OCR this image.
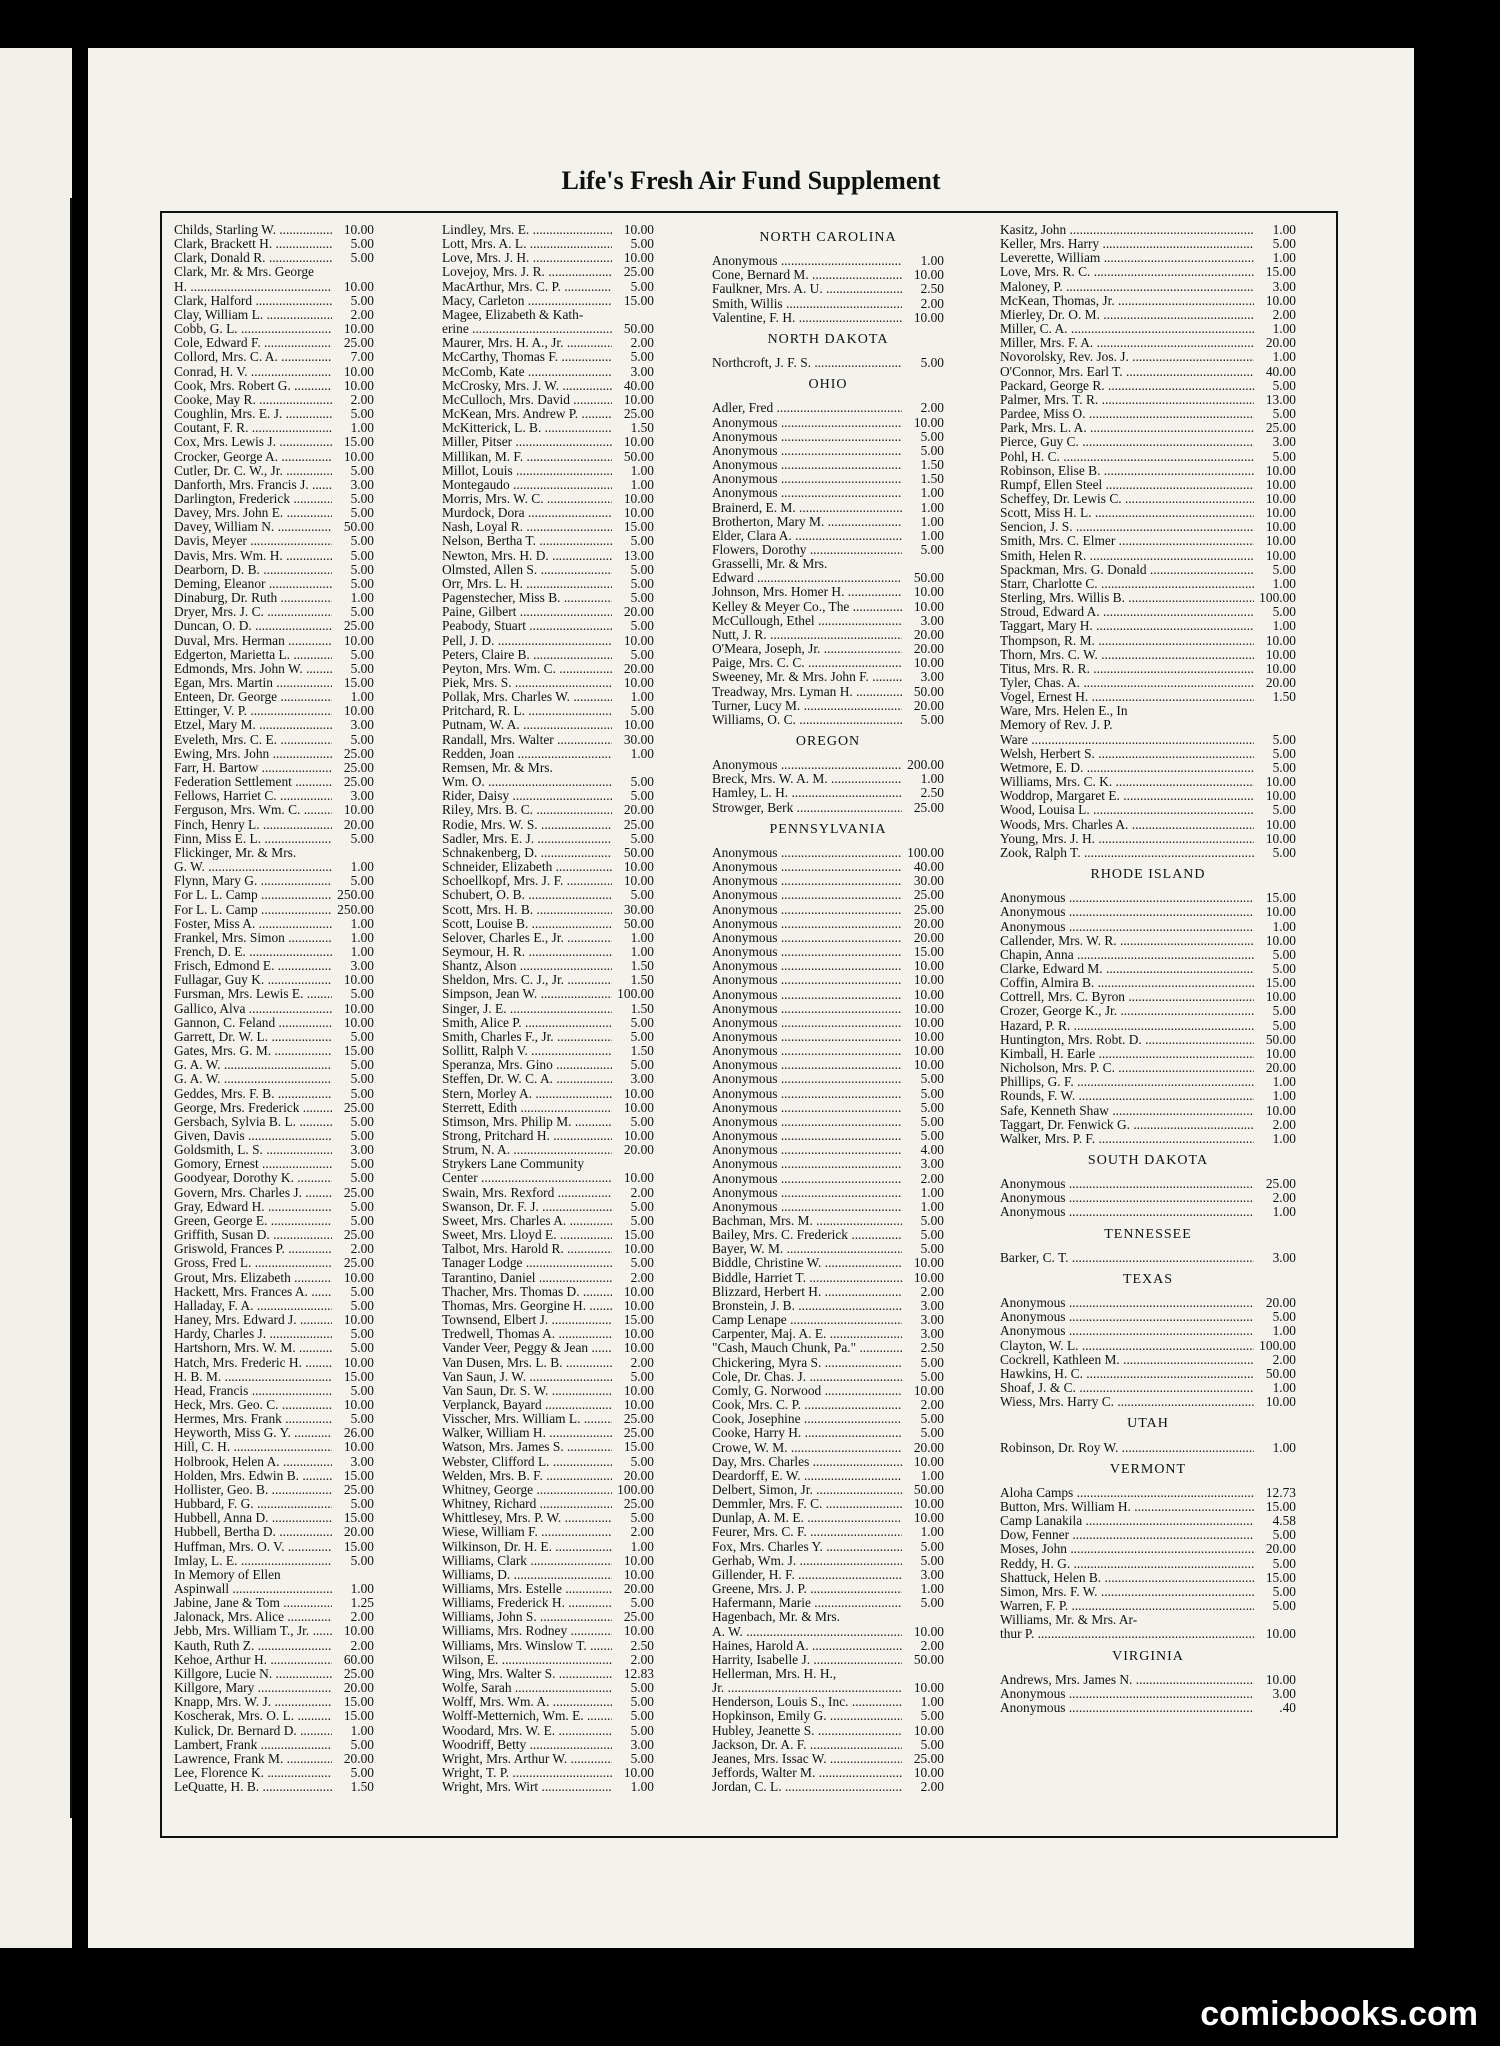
Life's Fresh Air Fund Supplement
Childs, Starling W. .....	10.00
Clark, Brackett H. .....	5.00
Clark, Donald R. .....	5.00
Clark, Mr. & Mrs. George
H. .....	10.00
Clark, Halford .....	5.00
Clay, William L. .....	2.00
Cobb, G. L. .....	10.00
Cole, Edward F. .....	25.00
Collord, Mrs. C. A. .....	7.00
Conrad, H. V. .....	10.00
Cook, Mrs. Robert G. .....	10.00
Cooke, May R. .....	2.00
Coughlin, Mrs. E. J. .....	5.00
Coutant, F. R. .....	1.00
Cox, Mrs. Lewis J. .....	15.00
Crocker, George A. .....	10.00
Cutler, Dr. C. W., Jr. .....	5.00
Danforth, Mrs. Francis J. .....	3.00
Darlington, Frederick .....	5.00
Davey, Mrs. John E. .....	5.00
Davey, William N. .....	50.00
Davis, Meyer .....	5.00
Davis, Mrs. Wm. H. .....	5.00
Dearborn, D. B. .....	5.00
Deming, Eleanor .....	5.00
Dinaburg, Dr. Ruth .....	1.00
Dryer, Mrs. J. C. .....	5.00
Duncan, O. D. .....	25.00
Duval, Mrs. Herman .....	10.00
Edgerton, Marietta L. .....	5.00
Edmonds, Mrs. John W. .....	5.00
Egan, Mrs. Martin .....	15.00
Enteen, Dr. George .....	1.00
Ettinger, V. P. .....	10.00
Etzel, Mary M. .....	3.00
Eveleth, Mrs. C. E. .....	5.00
Ewing, Mrs. John .....	25.00
Farr, H. Bartow .....	25.00
Federation Settlement .....	25.00
Fellows, Harriet C. .....	3.00
Ferguson, Mrs. Wm. C. .....	10.00
Finch, Henry L. .....	20.00
Finn, Miss E. L. .....	5.00
Flickinger, Mr. & Mrs.
G. W. .....	1.00
Flynn, Mary G. .....	5.00
For L. L. Camp .....	250.00
For L. L. Camp .....	250.00
Foster, Miss A. .....	1.00
Frankel, Mrs. Simon .....	1.00
French, D. E. .....	1.00
Frisch, Edmond E. .....	3.00
Fullagar, Guy K. .....	10.00
Fursman, Mrs. Lewis E. .....	5.00
Gallico, Alva .....	10.00
Gannon, C. Feland .....	10.00
Garrett, Dr. W. L. .....	5.00
Gates, Mrs. G. M. .....	15.00
G. A. W. .....	5.00
G. A. W. .....	5.00
Geddes, Mrs. F. B. .....	5.00
George, Mrs. Frederick .....	25.00
Gersbach, Sylvia B. L. .....	5.00
Given, Davis .....	5.00
Goldsmith, L. S. .....	3.00
Gomory, Ernest .....	5.00
Goodyear, Dorothy K. .....	5.00
Govern, Mrs. Charles J. .....	25.00
Gray, Edward H. .....	5.00
Green, George E. .....	5.00
Griffith, Susan D. .....	25.00
Griswold, Frances P. .....	2.00
Gross, Fred L. .....	25.00
Grout, Mrs. Elizabeth .....	10.00
Hackett, Mrs. Frances A. .....	5.00
Halladay, F. A. .....	5.00
Haney, Mrs. Edward J. .....	10.00
Hardy, Charles J. .....	5.00
Hartshorn, Mrs. W. M. .....	5.00
Hatch, Mrs. Frederic H. .....	10.00
H. B. M. .....	15.00
Head, Francis .....	5.00
Heck, Mrs. Geo. C. .....	10.00
Hermes, Mrs. Frank .....	5.00
Heyworth, Miss G. Y. .....	26.00
Hill, C. H. .....	10.00
Holbrook, Helen A. .....	3.00
Holden, Mrs. Edwin B. .....	15.00
Hollister, Geo. B. .....	25.00
Hubbard, F. G. .....	5.00
Hubbell, Anna D. .....	15.00
Hubbell, Bertha D. .....	20.00
Huffman, Mrs. O. V. .....	15.00
Imlay, L. E. .....	5.00
In Memory of Ellen
Aspinwall .....	1.00
Jabine, Jane & Tom .....	1.25
Jalonack, Mrs. Alice .....	2.00
Jebb, Mrs. William T., Jr. .....	10.00
Kauth, Ruth Z. .....	2.00
Kehoe, Arthur H. .....	60.00
Killgore, Lucie N. .....	25.00
Killgore, Mary .....	20.00
Knapp, Mrs. W. J. .....	15.00
Koscherak, Mrs. O. L. .....	15.00
Kulick, Dr. Bernard D. .....	1.00
Lambert, Frank .....	5.00
Lawrence, Frank M. .....	20.00
Lee, Florence K. .....	5.00
LeQuatte, H. B. .....	1.50
Lindley, Mrs. E. .....	10.00
Lott, Mrs. A. L. .....	5.00
Love, Mrs. J. H. .....	10.00
Lovejoy, Mrs. J. R. .....	25.00
MacArthur, Mrs. C. P. .....	5.00
Macy, Carleton .....	15.00
Magee, Elizabeth & Kath-
erine .....	50.00
Maurer, Mrs. H. A., Jr. .....	2.00
McCarthy, Thomas F. .....	5.00
McComb, Kate .....	3.00
McCrosky, Mrs. J. W. .....	40.00
McCulloch, Mrs. David .....	10.00
McKean, Mrs. Andrew P. .....	25.00
McKitterick, L. B. .....	1.50
Miller, Pitser .....	10.00
Millikan, M. F. .....	50.00
Millot, Louis .....	1.00
Montegaudo .....	1.00
Morris, Mrs. W. C. .....	10.00
Murdock, Dora .....	10.00
Nash, Loyal R. .....	15.00
Nelson, Bertha T. .....	5.00
Newton, Mrs. H. D. .....	13.00
Olmsted, Allen S. .....	5.00
Orr, Mrs. L. H. .....	5.00
Pagenstecher, Miss B. .....	5.00
Paine, Gilbert .....	20.00
Peabody, Stuart .....	5.00
Pell, J. D. .....	10.00
Peters, Claire B. .....	5.00
Peyton, Mrs. Wm. C. .....	20.00
Piek, Mrs. S. .....	10.00
Pollak, Mrs. Charles W. .....	1.00
Pritchard, R. L. .....	5.00
Putnam, W. A. .....	10.00
Randall, Mrs. Walter .....	30.00
Redden, Joan .....	1.00
Remsen, Mr. & Mrs.
Wm. O. .....	5.00
Rider, Daisy .....	5.00
Riley, Mrs. B. C. .....	20.00
Rodie, Mrs. W. S. .....	25.00
Sadler, Mrs. E. J. .....	5.00
Schnakenberg, D. .....	50.00
Schneider, Elizabeth .....	10.00
Schoellkopf, Mrs. J. F. .....	10.00
Schubert, O. B. .....	5.00
Scott, Mrs. H. B. .....	30.00
Scott, Louise B. .....	50.00
Selover, Charles E., Jr. .....	1.00
Seymour, H. R. .....	1.00
Shantz, Alson .....	1.50
Sheldon, Mrs. C. J., Jr. .....	1.50
Simpson, Jean W. .....	100.00
Singer, J. E. .....	1.50
Smith, Alice P. .....	5.00
Smith, Charles F., Jr. .....	5.00
Sollitt, Ralph V. .....	1.50
Speranza, Mrs. Gino .....	5.00
Steffen, Dr. W. C. A. .....	3.00
Stern, Morley A. .....	10.00
Sterrett, Edith .....	10.00
Stimson, Mrs. Philip M. .....	5.00
Strong, Pritchard H. .....	10.00
Strum, N. A. .....	20.00
Strykers Lane Community
Center .....	10.00
Swain, Mrs. Rexford .....	2.00
Swanson, Dr. F. J. .....	5.00
Sweet, Mrs. Charles A. .....	5.00
Sweet, Mrs. Lloyd E. .....	15.00
Talbot, Mrs. Harold R. .....	10.00
Tanager Lodge .....	5.00
Tarantino, Daniel .....	2.00
Thacher, Mrs. Thomas D. .....	10.00
Thomas, Mrs. Georgine H. .....	10.00
Townsend, Elbert J. .....	15.00
Tredwell, Thomas A. .....	10.00
Vander Veer, Peggy & Jean .....	10.00
Van Dusen, Mrs. L. B. .....	2.00
Van Saun, J. W. .....	5.00
Van Saun, Dr. S. W. .....	10.00
Verplanck, Bayard .....	10.00
Visscher, Mrs. William L. .....	25.00
Walker, William H. .....	25.00
Watson, Mrs. James S. .....	15.00
Webster, Clifford L. .....	5.00
Welden, Mrs. B. F. .....	20.00
Whitney, George .....	100.00
Whitney, Richard .....	25.00
Whittlesey, Mrs. P. W. .....	5.00
Wiese, William F. .....	2.00
Wilkinson, Dr. H. E. .....	1.00
Williams, Clark .....	10.00
Williams, D. .....	10.00
Williams, Mrs. Estelle .....	20.00
Williams, Frederick H. .....	5.00
Williams, John S. .....	25.00
Williams, Mrs. Rodney .....	10.00
Williams, Mrs. Winslow T. .....	2.50
Wilson, E. .....	2.00
Wing, Mrs. Walter S. .....	12.83
Wolfe, Sarah .....	5.00
Wolff, Mrs. Wm. A. .....	5.00
Wolff-Metternich, Wm. E. .....	5.00
Woodard, Mrs. W. E. .....	5.00
Woodriff, Betty .....	3.00
Wright, Mrs. Arthur W. .....	5.00
Wright, T. P. .....	10.00
Wright, Mrs. Wirt .....	1.00
NORTH CAROLINA
Anonymous .....	1.00
Cone, Bernard M. .....	10.00
Faulkner, Mrs. A. U. .....	2.50
Smith, Willis .....	2.00
Valentine, F. H. .....	10.00
NORTH DAKOTA
Northcroft, J. F. S. .....	5.00
OHIO
Adler, Fred .....	2.00
Anonymous .....	10.00
Anonymous .....	5.00
Anonymous .....	5.00
Anonymous .....	1.50
Anonymous .....	1.50
Anonymous .....	1.00
Brainerd, E. M. .....	1.00
Brotherton, Mary M. .....	1.00
Elder, Clara A. .....	1.00
Flowers, Dorothy .....	5.00
Grasselli, Mr. & Mrs.
Edward .....	50.00
Johnson, Mrs. Homer H. .....	10.00
Kelley & Meyer Co., The .....	10.00
McCullough, Ethel .....	3.00
Nutt, J. R. .....	20.00
O'Meara, Joseph, Jr. .....	20.00
Paige, Mrs. C. C. .....	10.00
Sweeney, Mr. & Mrs. John F. .....	3.00
Treadway, Mrs. Lyman H. .....	50.00
Turner, Lucy M. .....	20.00
Williams, O. C. .....	5.00
OREGON
Anonymous .....	200.00
Breck, Mrs. W. A. M. .....	1.00
Hamley, L. H. .....	2.50
Strowger, Berk .....	25.00
PENNSYLVANIA
Anonymous .....	100.00
Anonymous .....	40.00
Anonymous .....	30.00
Anonymous .....	25.00
Anonymous .....	25.00
Anonymous .....	20.00
Anonymous .....	20.00
Anonymous .....	15.00
Anonymous .....	10.00
Anonymous .....	10.00
Anonymous .....	10.00
Anonymous .....	10.00
Anonymous .....	10.00
Anonymous .....	10.00
Anonymous .....	10.00
Anonymous .....	10.00
Anonymous .....	5.00
Anonymous .....	5.00
Anonymous .....	5.00
Anonymous .....	5.00
Anonymous .....	5.00
Anonymous .....	4.00
Anonymous .....	3.00
Anonymous .....	2.00
Anonymous .....	1.00
Anonymous .....	1.00
Bachman, Mrs. M. .....	5.00
Bailey, Mrs. C. Frederick .....	5.00
Bayer, W. M. .....	5.00
Biddle, Christine W. .....	10.00
Biddle, Harriet T. .....	10.00
Blizzard, Herbert H. .....	2.00
Bronstein, J. B. .....	3.00
Camp Lenape .....	3.00
Carpenter, Maj. A. E. .....	3.00
"Cash, Mauch Chunk, Pa." .....	2.50
Chickering, Myra S. .....	5.00
Cole, Dr. Chas. J. .....	5.00
Comly, G. Norwood .....	10.00
Cook, Mrs. C. P. .....	2.00
Cook, Josephine .....	5.00
Cooke, Harry H. .....	5.00
Crowe, W. M. .....	20.00
Day, Mrs. Charles .....	10.00
Deardorff, E. W. .....	1.00
Delbert, Simon, Jr. .....	50.00
Demmler, Mrs. F. C. .....	10.00
Dunlap, A. M. E. .....	10.00
Feurer, Mrs. C. F. .....	1.00
Fox, Mrs. Charles Y. .....	5.00
Gerhab, Wm. J. .....	5.00
Gillender, H. F. .....	3.00
Greene, Mrs. J. P. .....	1.00
Hafermann, Marie .....	5.00
Hagenbach, Mr. & Mrs.
A. W. .....	10.00
Haines, Harold A. .....	2.00
Harrity, Isabelle J. .....	50.00
Hellerman, Mrs. H. H.,
Jr. .....	10.00
Henderson, Louis S., Inc. .....	1.00
Hopkinson, Emily G. .....	5.00
Hubley, Jeanette S. .....	10.00
Jackson, Dr. A. F. .....	5.00
Jeanes, Mrs. Issac W. .....	25.00
Jeffords, Walter M. .....	10.00
Jordan, C. L. .....	2.00
Kasitz, John .....	1.00
Keller, Mrs. Harry .....	5.00
Leverette, William .....	1.00
Love, Mrs. R. C. .....	15.00
Maloney, P. .....	3.00
McKean, Thomas, Jr. .....	10.00
Mierley, Dr. O. M. .....	2.00
Miller, C. A. .....	1.00
Miller, Mrs. F. A. .....	20.00
Novorolsky, Rev. Jos. J. .....	1.00
O'Connor, Mrs. Earl T. .....	40.00
Packard, George R. .....	5.00
Palmer, Mrs. T. R. .....	13.00
Pardee, Miss O. .....	5.00
Park, Mrs. L. A. .....	25.00
Pierce, Guy C. .....	3.00
Pohl, H. C. .....	5.00
Robinson, Elise B. .....	10.00
Rumpf, Ellen Steel .....	10.00
Scheffey, Dr. Lewis C. .....	10.00
Scott, Miss H. L. .....	10.00
Sencion, J. S. .....	10.00
Smith, Mrs. C. Elmer .....	10.00
Smith, Helen R. .....	10.00
Spackman, Mrs. G. Donald .....	5.00
Starr, Charlotte C. .....	1.00
Sterling, Mrs. Willis B. .....	100.00
Stroud, Edward A. .....	5.00
Taggart, Mary H. .....	1.00
Thompson, R. M. .....	10.00
Thorn, Mrs. C. W. .....	10.00
Titus, Mrs. R. R. .....	10.00
Tyler, Chas. A. .....	20.00
Vogel, Ernest H. .....	1.50
Ware, Mrs. Helen E., In
Memory of Rev. J. P.
Ware .....	5.00
Welsh, Herbert S. .....	5.00
Wetmore, E. D. .....	5.00
Williams, Mrs. C. K. .....	10.00
Woddrop, Margaret E. .....	10.00
Wood, Louisa L. .....	5.00
Woods, Mrs. Charles A. .....	10.00
Young, Mrs. J. H. .....	10.00
Zook, Ralph T. .....	5.00
RHODE ISLAND
Anonymous .....	15.00
Anonymous .....	10.00
Anonymous .....	1.00
Callender, Mrs. W. R. .....	10.00
Chapin, Anna .....	5.00
Clarke, Edward M. .....	5.00
Coffin, Almira B. .....	15.00
Cottrell, Mrs. C. Byron .....	10.00
Crozer, George K., Jr. .....	5.00
Hazard, P. R. .....	5.00
Huntington, Mrs. Robt. D. .....	50.00
Kimball, H. Earle .....	10.00
Nicholson, Mrs. P. C. .....	20.00
Phillips, G. F. .....	1.00
Rounds, F. W. .....	1.00
Safe, Kenneth Shaw .....	10.00
Taggart, Dr. Fenwick G. .....	2.00
Walker, Mrs. P. F. .....	1.00
SOUTH DAKOTA
Anonymous .....	25.00
Anonymous .....	2.00
Anonymous .....	1.00
TENNESSEE
Barker, C. T. .....	3.00
TEXAS
Anonymous .....	20.00
Anonymous .....	5.00
Anonymous .....	1.00
Clayton, W. L. .....	100.00
Cockrell, Kathleen M. .....	2.00
Hawkins, H. C. .....	50.00
Shoaf, J. & C. .....	1.00
Wiess, Mrs. Harry C. .....	10.00
UTAH
Robinson, Dr. Roy W. .....	1.00
VERMONT
Aloha Camps .....	12.73
Button, Mrs. William H. .....	15.00
Camp Lanakila .....	4.58
Dow, Fenner .....	5.00
Moses, John .....	20.00
Reddy, H. G. .....	5.00
Shattuck, Helen B. .....	15.00
Simon, Mrs. F. W. .....	5.00
Warren, F. P. .....	5.00
Williams, Mr. & Mrs. Ar-
thur P. .....	10.00
VIRGINIA
Andrews, Mrs. James N. .....	10.00
Anonymous .....	3.00
Anonymous .....	.40
comicbooks.com
